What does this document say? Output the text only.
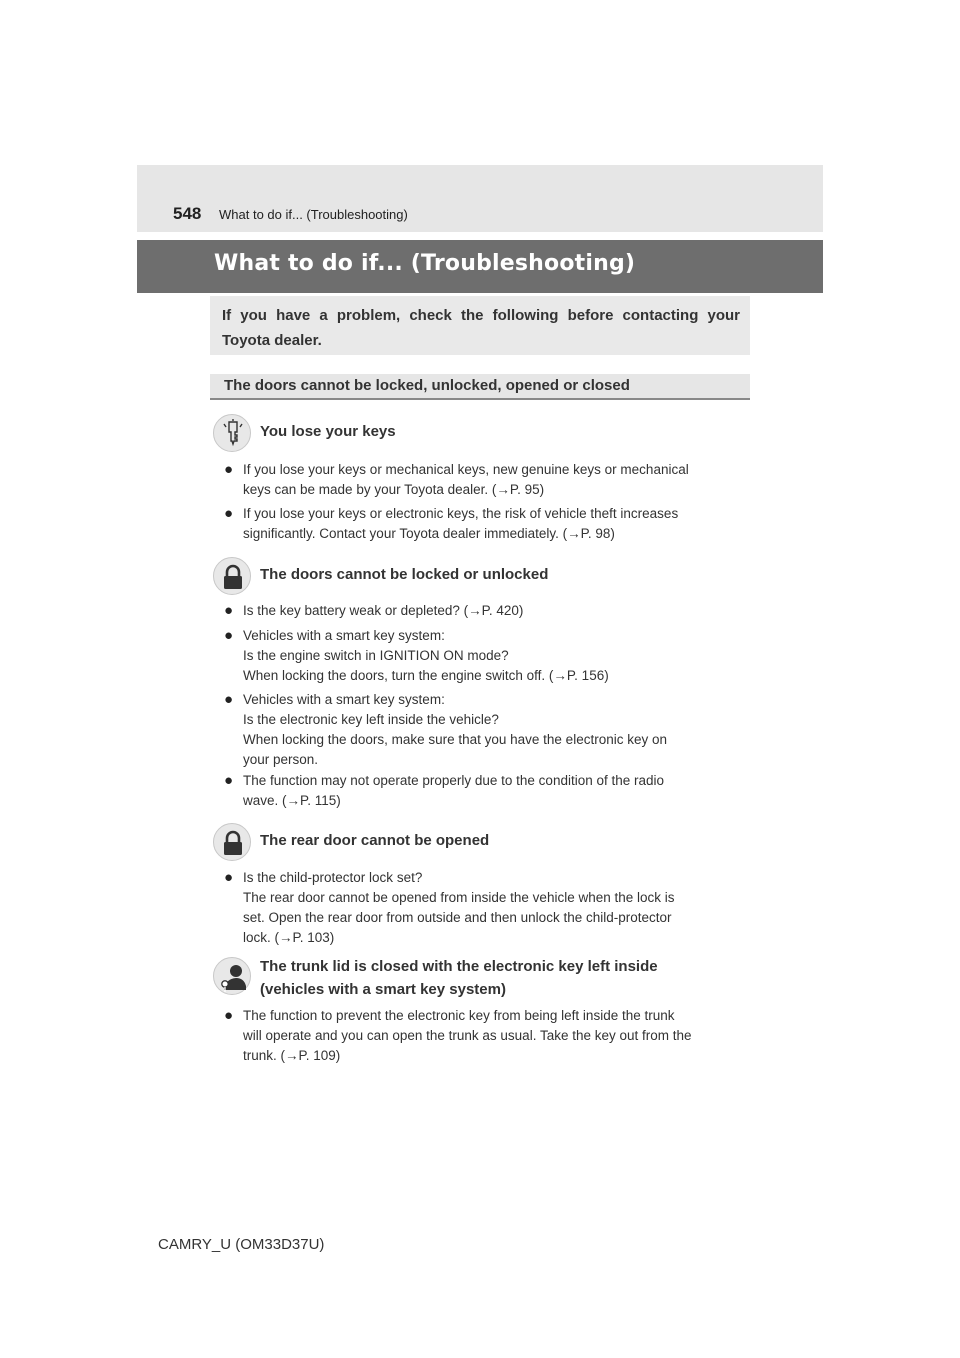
548 What to do if... (Troubleshooting)
What to do if... (Troubleshooting)
If you have a problem, check the following before contacting your Toyota dealer.
The doors cannot be locked, unlocked, opened or closed
You lose your keys
● If you lose your keys or mechanical keys, new genuine keys or mechanical
keys can be made by your Toyota dealer. (→P. 95)
● If you lose your keys or electronic keys, the risk of vehicle theft increases
significantly. Contact your Toyota dealer immediately. (→P. 98)
The doors cannot be locked or unlocked
● Is the key battery weak or depleted? (→P. 420)
● Vehicles with a smart key system:
Is the engine switch in IGNITION ON mode?
When locking the doors, turn the engine switch off. (→P. 156)
● Vehicles with a smart key system:
Is the electronic key left inside the vehicle?
When locking the doors, make sure that you have the electronic key on
your person.
● The function may not operate properly due to the condition of the radio
wave. (→P. 115)
The rear door cannot be opened
● Is the child-protector lock set?
The rear door cannot be opened from inside the vehicle when the lock is
set. Open the rear door from outside and then unlock the child-protector
lock. (→P. 103)
The trunk lid is closed with the electronic key left inside
(vehicles with a smart key system)
● The function to prevent the electronic key from being left inside the trunk
will operate and you can open the trunk as usual. Take the key out from the
trunk. (→P. 109)
CAMRY_U (OM33D37U)
